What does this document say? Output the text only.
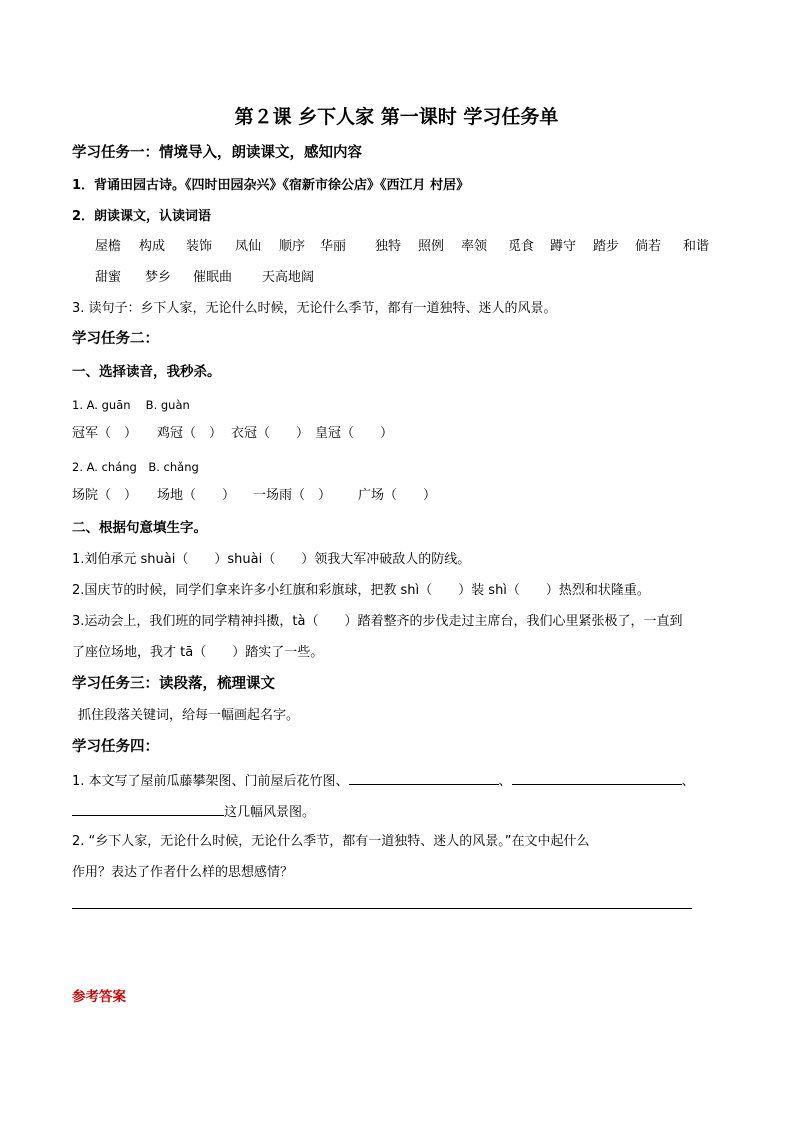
第２课 乡下人家 第一课时 学习任务单
学习任务一：情境导入，朗读课文，感知内容
1．背诵田园古诗。《四时田园杂兴》《宿新市徐公店》《西江月 村居》
2．朗读课文，认读词语
屋檐 构成 装饰 凤仙 顺序 华丽 独特 照例 率领 觅食 蹲守 踏步 倘若 和谐
甜蜜 梦乡 催眠曲 天高地阔
3. 读句子：乡下人家，无论什么时候，无论什么季节，都有一道独特、迷人的风景。
学习任务二：
一、选择读音，我秒杀。
1. A. guān　 B. guàn
冠军（　） 鸡冠（　） 衣冠（　　） 皇冠（　　）
2. A. cháng　B. chǎng
场院（　） 场地（　　） 一场雨（　） 广场（　　）
二、根据句意填生字。
1.刘伯承元 shuài（　　）shuài（　　）领我大军冲破敌人的防线。
2.国庆节的时候，同学们拿来许多小红旗和彩旗球，把教 shì（　　）装 shì（　　）热烈和状隆重。
3.运动会上，我们班的同学精神抖擞，tà（　　）踏着整齐的步伐走过主席台，我们心里紧张极了，一直到
了座位场地，我才 tā（　　）踏实了一些。
学习任务三：读段落，梳理课文
抓住段落关键词，给每一幅画起名字。
学习任务四：
1. 本文写了屋前瓜藤攀架图、门前屋后花竹图、	、	、
这几幅风景图。
2. “乡下人家，无论什么时候，无论什么季节，都有一道独特、迷人的风景。”在文中起什么
作用？表达了作者什么样的思想感情？
参考答案
